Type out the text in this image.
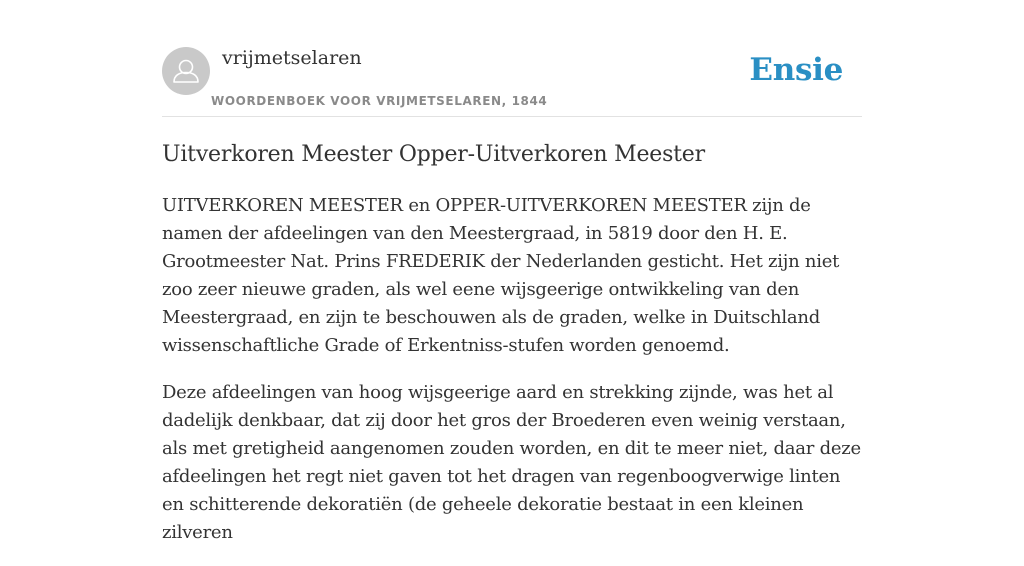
vrijmetselaren
WOORDENBOEK VOOR VRIJMETSELAREN, 1844
Ensie
Uitverkoren Meester Opper-Uitverkoren Meester

UITVERKOREN MEESTER en OPPER-UITVERKOREN MEESTER zijn de namen der afdeelingen van den Meestergraad, in 5819 door den H. E. Grootmeester Nat. Prins FREDERIK der Nederlanden gesticht. Het zijn niet zoo zeer nieuwe graden, als wel eene wijsgeerige ontwikkeling van den Meestergraad, en zijn te beschouwen als de graden, welke in Duitschland wissenschaftliche Grade of Erkentniss-stufen worden genoemd.

Deze afdeelingen van hoog wijsgeerige aard en strekking zijnde, was het al dadelijk denkbaar, dat zij door het gros der Broederen even weinig verstaan, als met gretigheid aangenomen zouden worden, en dit te meer niet, daar deze afdeelingen het regt niet gaven tot het dragen van regenboogverwige linten en schitterende dekoratiën (de geheele dekoratie bestaat in een kleinen zilveren
